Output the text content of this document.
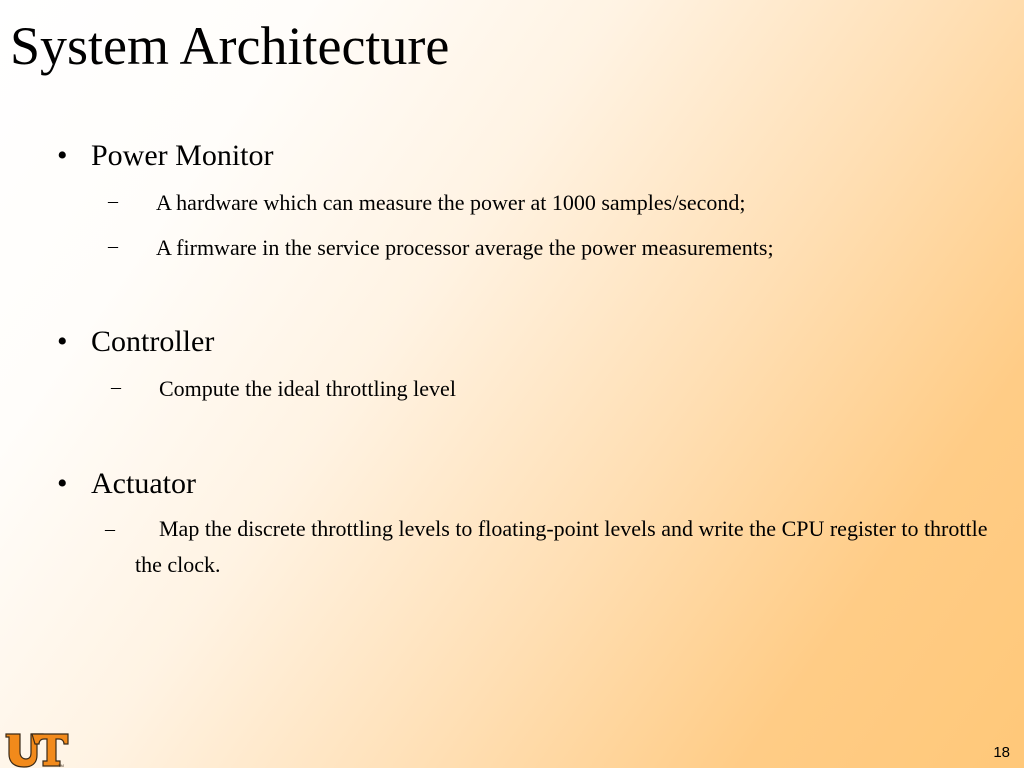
System Architecture
• Power Monitor
– A hardware which can measure the power at 1000 samples/second;
– A firmware in the service processor average the power measurements;
• Controller
– Compute the ideal throttling level
• Actuator
– Map the discrete throttling levels to floating-point levels and write the CPU register to throttle the clock.
TM
18
